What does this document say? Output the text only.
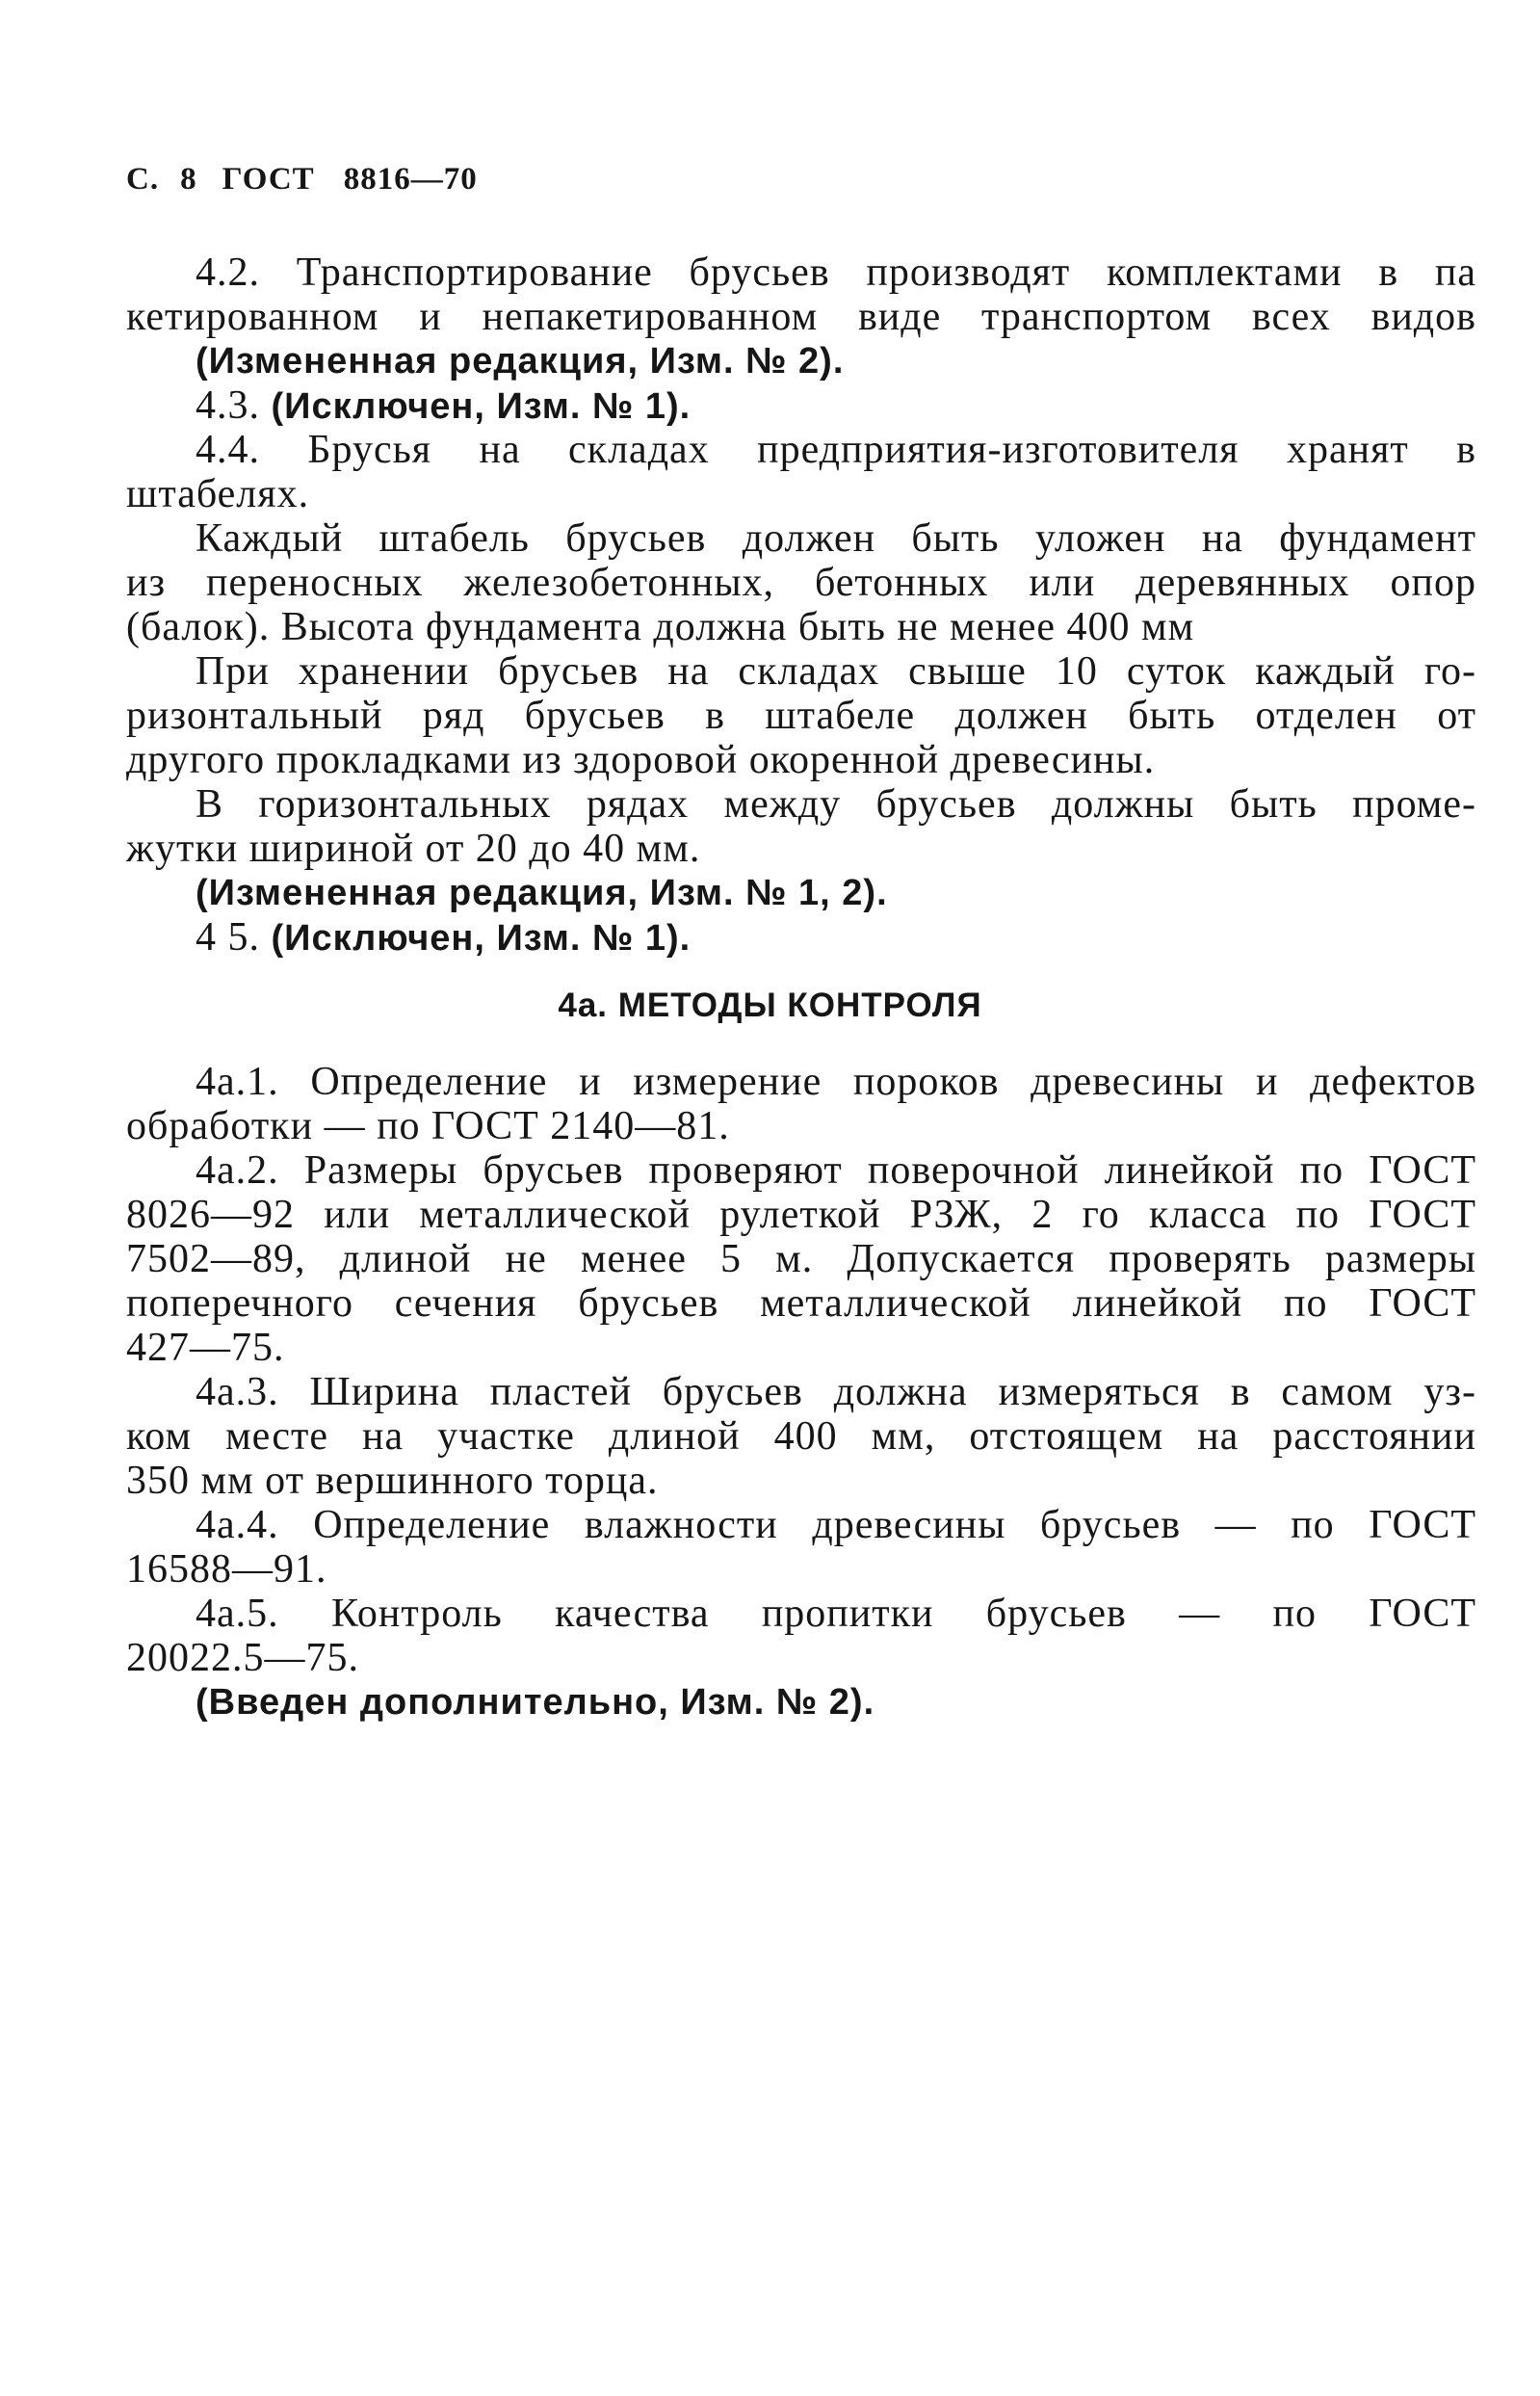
С. 8 ГОСТ 8816—70
4.2. Транспортирование брусьев производят комплектами в па
кетированном и непакетированном виде транспортом всех видов
(Измененная редакция, Изм. № 2).
4.3. (Исключен, Изм. № 1).
4.4. Брусья на складах предприятия-изготовителя хранят в
штабелях.
Каждый штабель брусьев должен быть уложен на фундамент
из переносных железобетонных, бетонных или деревянных опор
(балок). Высота фундамента должна быть не менее 400 мм
При хранении брусьев на складах свыше 10 суток каждый го-
ризонтальный ряд брусьев в штабеле должен быть отделен от
другого прокладками из здоровой окоренной древесины.
В горизонтальных рядах между брусьев должны быть проме-
жутки шириной от 20 до 40 мм.
(Измененная редакция, Изм. № 1, 2).
4 5. (Исключен, Изм. № 1).
4а. МЕТОДЫ КОНТРОЛЯ
4а.1. Определение и измерение пороков древесины и дефектов
обработки — по ГОСТ 2140—81.
4а.2. Размеры брусьев проверяют поверочной линейкой по ГОСТ
8026—92 или металлической рулеткой РЗЖ, 2 го класса по ГОСТ
7502—89, длиной не менее 5 м. Допускается проверять размеры
поперечного сечения брусьев металлической линейкой по ГОСТ
427—75.
4а.3. Ширина пластей брусьев должна измеряться в самом уз-
ком месте на участке длиной 400 мм, отстоящем на расстоянии
350 мм от вершинного торца.
4а.4. Определение влажности древесины брусьев — по ГОСТ
16588—91.
4а.5. Контроль качества пропитки брусьев — по ГОСТ
20022.5—75.
(Введен дополнительно, Изм. № 2).
